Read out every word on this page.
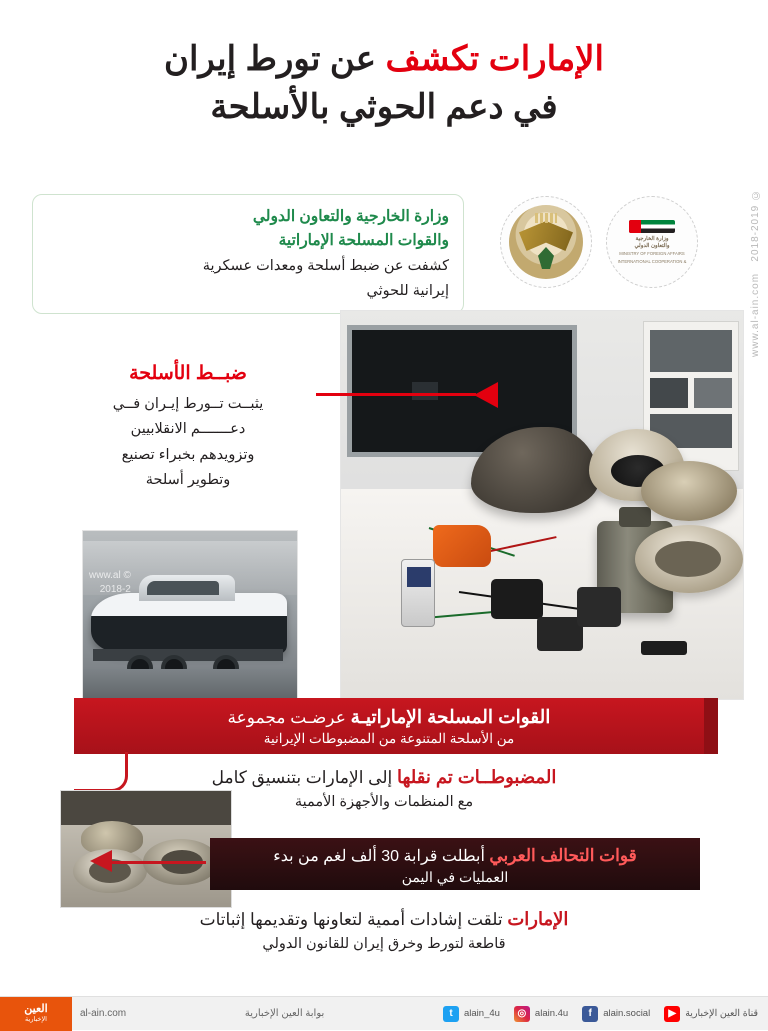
الإمارات تكشف عن تورط إيران
في دعم الحوثي بالأسلحة
© 2018-2019   www.al-ain.com
وزارة الخارجية والتعاون الدولي
والقوات المسلحة الإماراتية
كشفت عن ضبط أسلحة ومعدات عسكرية
إيرانية للحوثي
وزارة الخارجية
والتعاون الدولي
MINISTRY OF FOREIGN AFFAIRS
& INTERNATIONAL COOPERATION
ضبــط الأسلحة
يثبــت تــورط إيـران فــي
دعـــــــم الانقلابيين
وتزويدهم بخبراء تصنيع
وتطوير أسلحة
© www.al
2018-2
القوات المسلحة الإماراتيـة عرضـت مجموعة
من الأسلحة المتنوعة من المضبوطات الإيرانية
المضبوطــات تم نقلها إلى الإمارات بتنسيق كامل
مع المنظمات والأجهزة الأممية
قوات التحالف العربي أبطلت قرابة 30 ألف لغم من بدء
العمليات في اليمن
الإمارات تلقت إشادات أممية لتعاونها وتقديمها إثباتات
قاطعة لتورط وخرق إيران للقانون الدولي
t	alain_4u	◎ alain.4u	f	alain.social	▶ قناة العين الإخبارية
بوابة العين الإخبارية
al-ain.com
العين
الإخبارية
